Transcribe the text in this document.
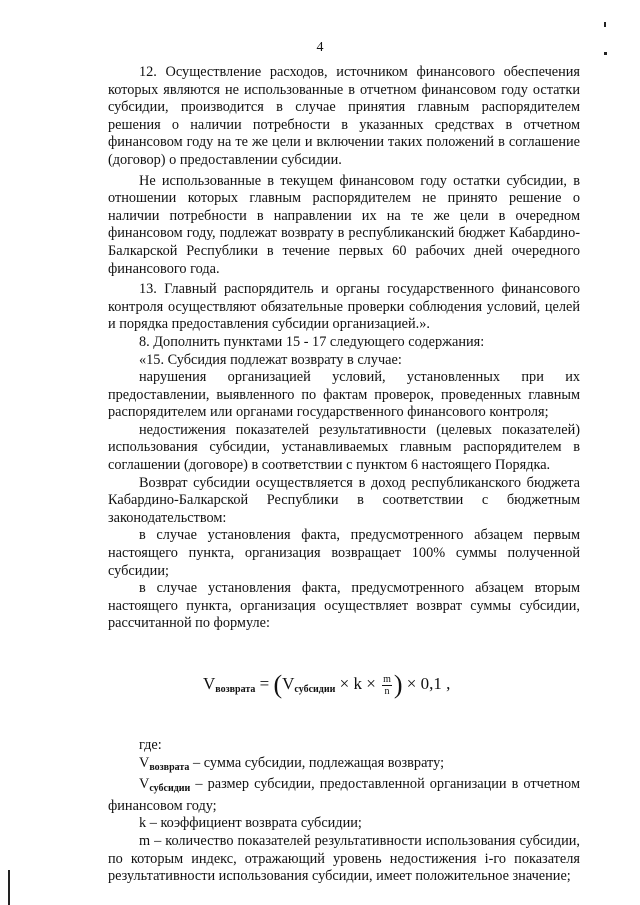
4

12. Осуществление расходов, источником финансового обеспечения которых являются не использованные в отчетном финансовом году остатки субсидии, производится в случае принятия главным распорядителем решения о наличии потребности в указанных средствах в отчетном финансовом году на те же цели и включении таких положений в соглашение (договор) о предоставлении субсидии.

Не использованные в текущем финансовом году остатки субсидии, в отношении которых главным распорядителем не принято решение о наличии потребности в направлении их на те же цели в очередном финансовом году, подлежат возврату в республиканский бюджет Кабардино-Балкарской Республики в течение первых 60 рабочих дней очередного финансового года.

13. Главный распорядитель и органы государственного финансового контроля осуществляют обязательные проверки соблюдения условий, целей и порядка предоставления субсидии организацией.».

8. Дополнить пунктами 15 - 17 следующего содержания:

«15. Субсидия подлежат возврату в случае:

нарушения организацией условий, установленных при их предоставлении, выявленного по фактам проверок, проведенных главным распорядителем или органами государственного финансового контроля;

недостижения показателей результативности (целевых показателей) использования субсидии, устанавливаемых главным распорядителем в соглашении (договоре) в соответствии с пунктом 6 настоящего Порядка.

Возврат субсидии осуществляется в доход республиканского бюджета Кабардино-Балкарской Республики в соответствии с бюджетным законодательством:

в случае установления факта, предусмотренного абзацем первым настоящего пункта, организация возвращает 100% суммы полученной субсидии;

в случае установления факта, предусмотренного абзацем вторым настоящего пункта, организация осуществляет возврат суммы субсидии, рассчитанной по формуле:

$V_{возврата} = (V_{субсидии} \times k \times \frac{m}{n}$ ) × 0,1 ,

где:

$V_{возврата}$ – сумма субсидии, подлежащая возврату;

$V_{субсидии}$ – размер субсидии, предоставленной организации в отчетном финансовом году;

k – коэффициент возврата субсидии;

m – количество показателей результативности использования субсидии, по которым индекс, отражающий уровень недостижения i-го показателя результативности использования субсидии, имеет положительное значение;
